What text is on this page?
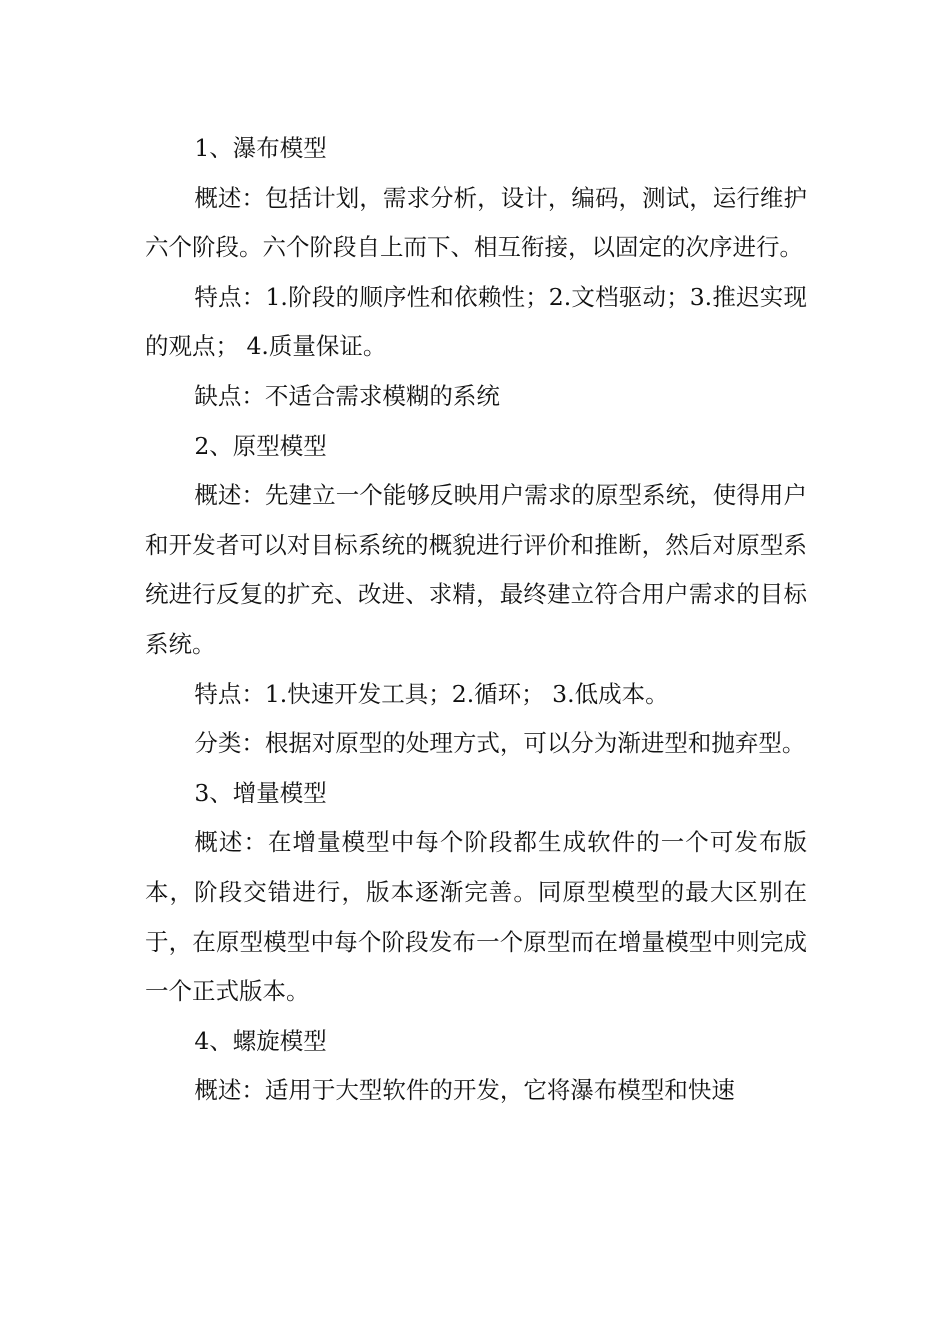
1、瀑布模型

概述：包括计划，需求分析，设计，编码，测试，运行维护六个阶段。六个阶段自上而下、相互衔接，以固定的次序进行。

特点：1.阶段的顺序性和依赖性；2.文档驱动；3.推迟实现的观点； 4.质量保证。

缺点：不适合需求模糊的系统

2、原型模型

概述：先建立一个能够反映用户需求的原型系统，使得用户和开发者可以对目标系统的概貌进行评价和推断，然后对原型系统进行反复的扩充、改进、求精，最终建立符合用户需求的目标系统。

特点：1.快速开发工具；2.循环； 3.低成本。

分类：根据对原型的处理方式，可以分为渐进型和抛弃型。

3、增量模型

概述：在增量模型中每个阶段都生成软件的一个可发布版本，阶段交错进行，版本逐渐完善。同原型模型的最大区别在于，在原型模型中每个阶段发布一个原型而在增量模型中则完成一个正式版本。

4、螺旋模型

概述：适用于大型软件的开发，它将瀑布模型和快速
